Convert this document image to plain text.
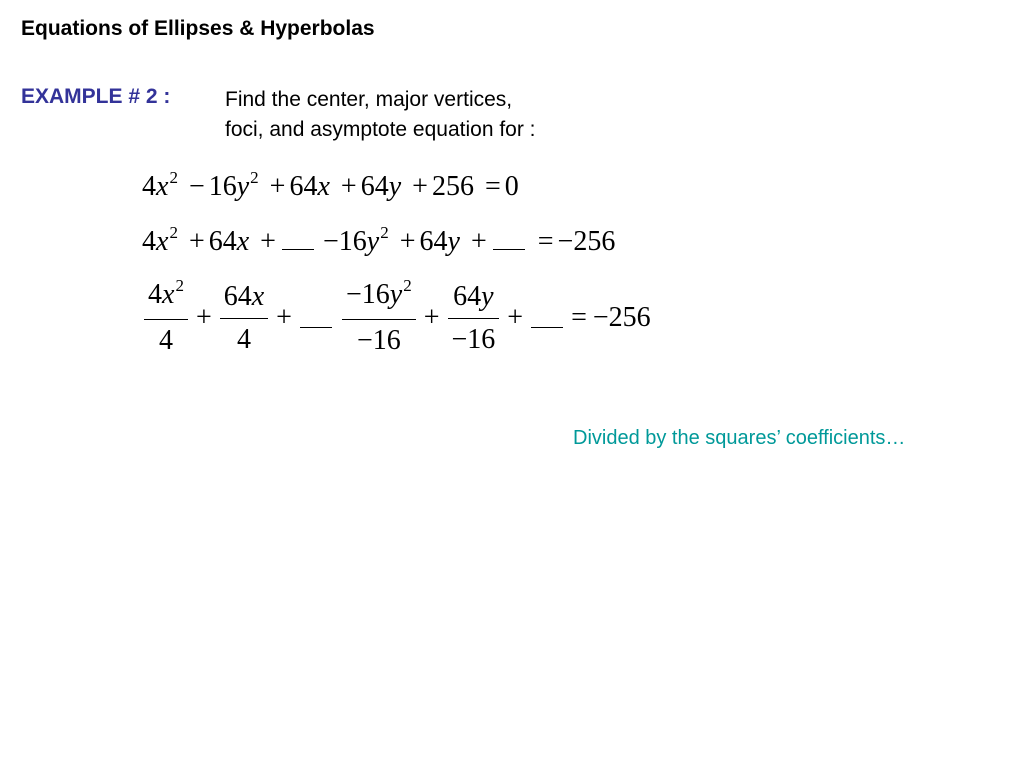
Equations of Ellipses & Hyperbolas
EXAMPLE # 2 :	Find the center, major vertices,
foci, and asymptote equation for :
$4x^2 - 16y^2 + 64x + 64y + 256 = 0$
$4x^2 + 64x + -16y^2 + 64y$ + = −256
$\frac{4x^2}{4} + \frac{64x}{4} + \frac{-16y^2}{-16} + \frac{64y}{-16}$ + = −256
Divided by the squares’ coefficients…
